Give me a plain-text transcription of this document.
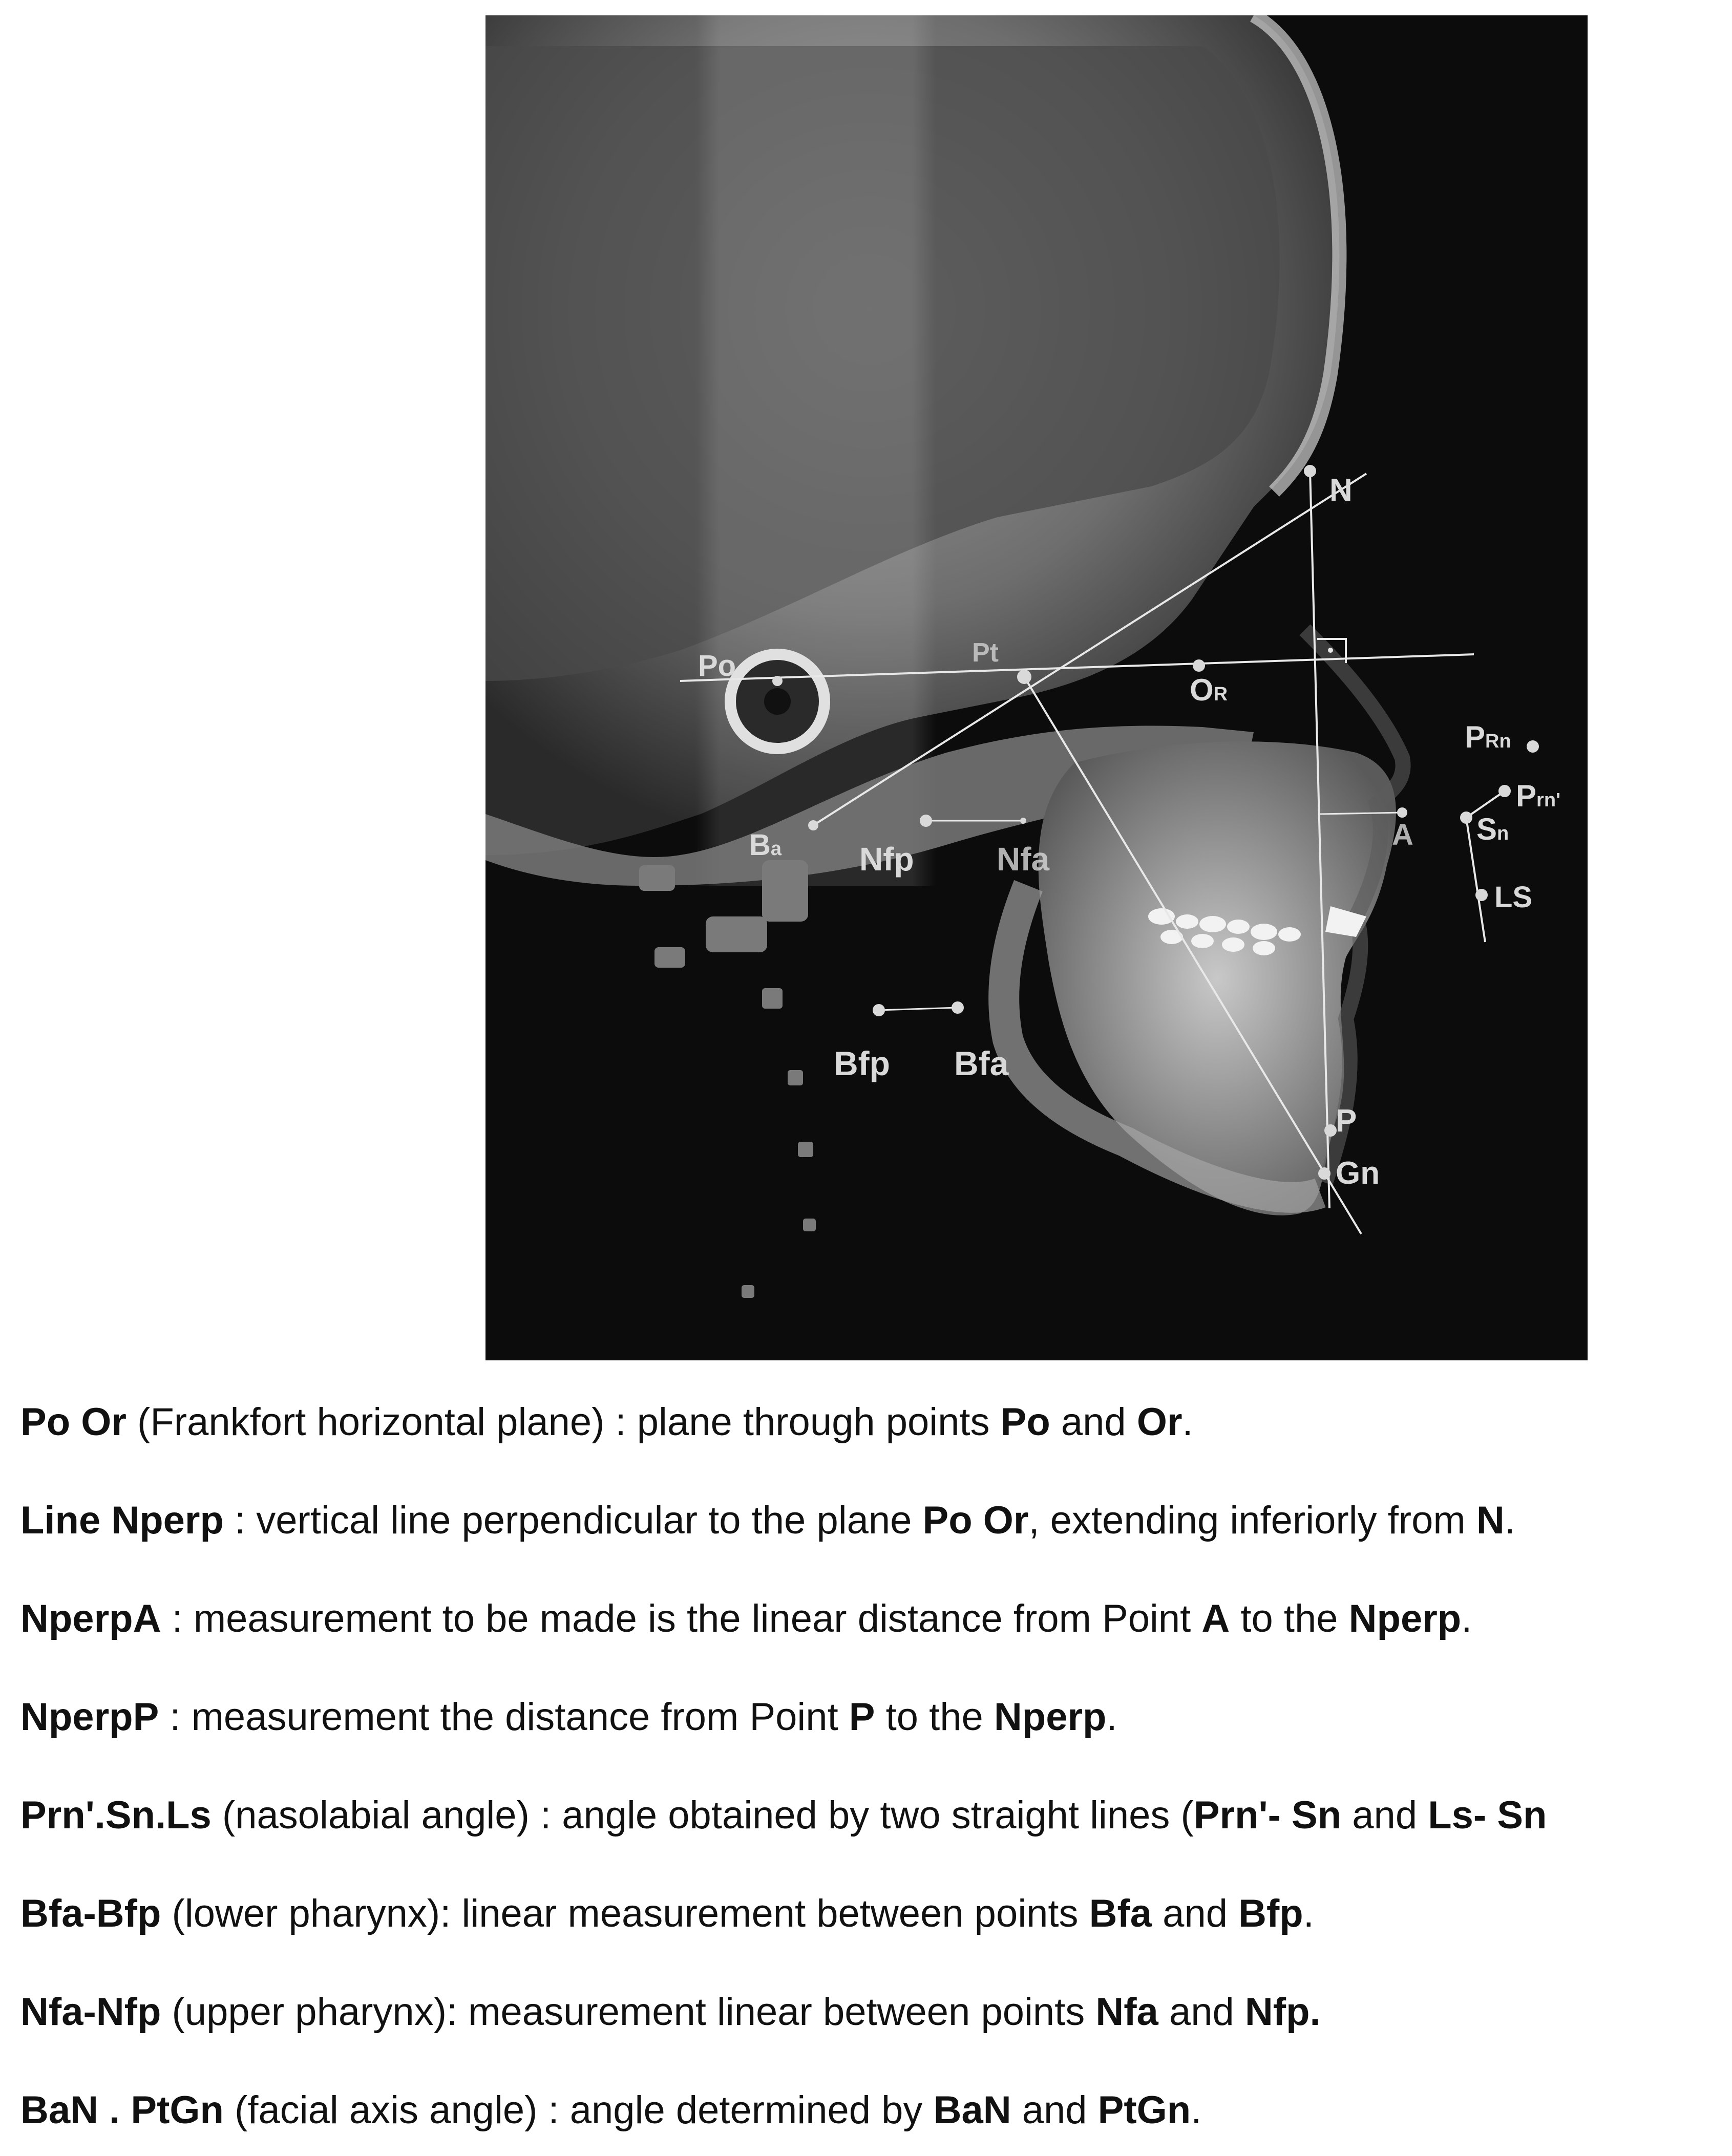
Po	Pt
N
OR
Ba Nfp	Nfa
A
PRn
Prn'
Sn
LS
Bfp Bfa
P
Gn
Po Or (Frankfort horizontal plane) : plane through points Po and Or.
Line Nperp : vertical line perpendicular to the plane Po Or, extending inferiorly from N.
NperpA : measurement to be made is the linear distance from Point A to the Nperp.
NperpP : measurement the distance from Point P to the Nperp.
Prn'.Sn.Ls (nasolabial angle) : angle obtained by two straight lines (Prn'- Sn and Ls- Sn
Bfa-Bfp (lower pharynx): linear measurement between points Bfa and Bfp.
Nfa-Nfp (upper pharynx): measurement linear between points Nfa and Nfp.
BaN . PtGn (facial axis angle) : angle determined by BaN and PtGn.
